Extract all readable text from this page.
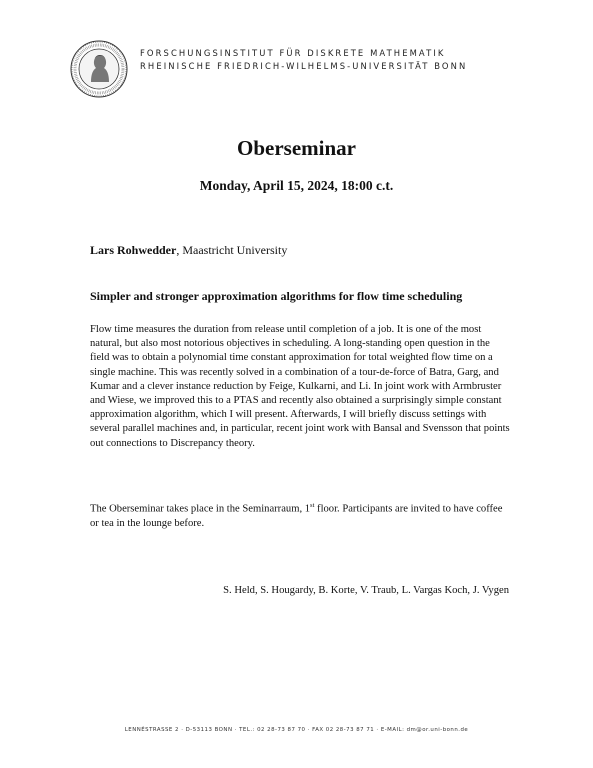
FORSCHUNGSINSTITUT FÜR DISKRETE MATHEMATIK
RHEINISCHE FRIEDRICH-WILHELMS-UNIVERSITÄT BONN
Oberseminar
Monday, April 15, 2024, 18:00 c.t.
Lars Rohwedder, Maastricht University
Simpler and stronger approximation algorithms for flow time scheduling
Flow time measures the duration from release until completion of a job. It is one of the most natural, but also most notorious objectives in scheduling. A long-standing open question in the field was to obtain a polynomial time constant approximation for total weighted flow time on a single machine. This was recently solved in a combination of a tour-de-force of Batra, Garg, and Kumar and a clever instance reduction by Feige, Kulkarni, and Li. In joint work with Armbruster and Wiese, we improved this to a PTAS and recently also obtained a surprisingly simple constant approximation algorithm, which I will present. Afterwards, I will briefly discuss settings with several parallel machines and, in particular, recent joint work with Bansal and Svensson that points out connections to Discrepancy theory.
The Oberseminar takes place in the Seminarraum, 1st floor. Participants are invited to have coffee or tea in the lounge before.
S. Held, S. Hougardy, B. Korte, V. Traub, L. Vargas Koch, J. Vygen
LENNÉSTRASSE 2 · D-53113 BONN · TEL.: 02 28-73 87 70 · FAX 02 28-73 87 71 · E-MAIL: dm@or.uni-bonn.de
